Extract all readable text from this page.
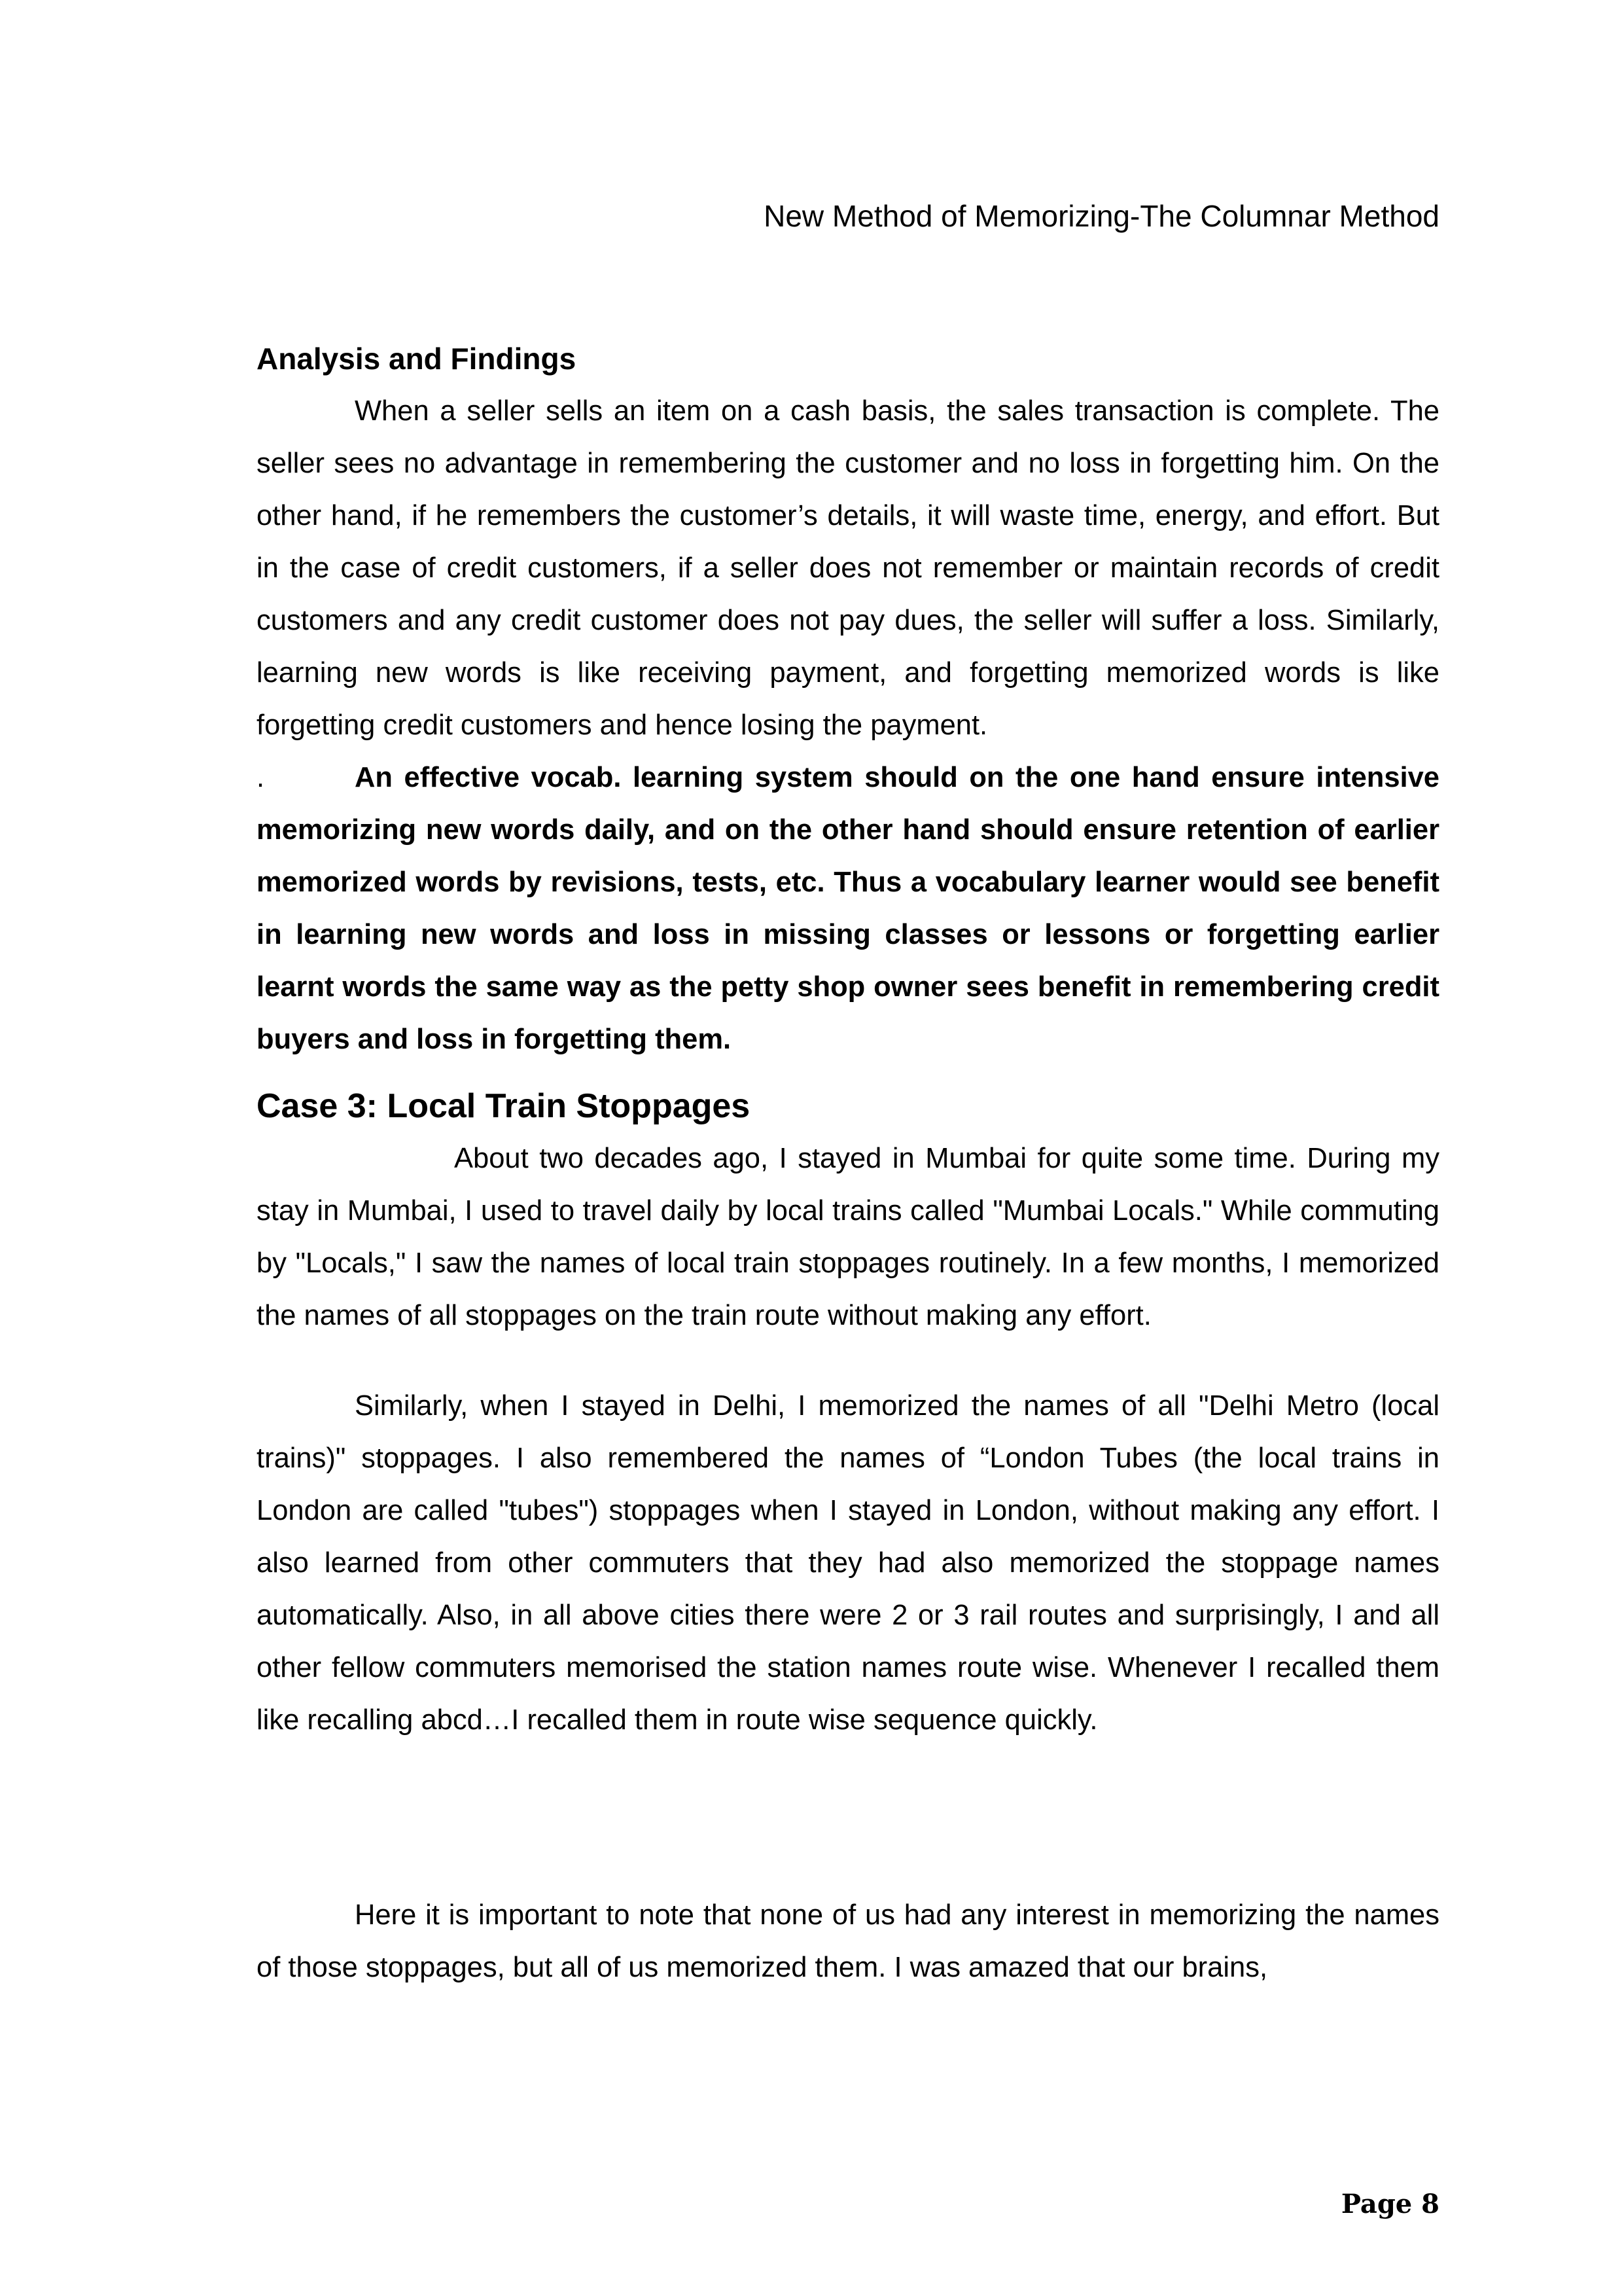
New Method of Memorizing-The Columnar Method
Analysis and Findings

When a seller sells an item on a cash basis, the sales transaction is complete. The seller sees no advantage in remembering the customer and no loss in forgetting him. On the other hand, if he remembers the customer’s details, it will waste time, energy, and effort. But in the case of credit customers, if a seller does not remember or maintain records of credit customers and any credit customer does not pay dues, the seller will suffer a loss. Similarly, learning new words is like receiving payment, and forgetting memorized words is like forgetting credit customers and hence losing the payment.

.	An effective vocab. learning system should on the one hand ensure intensive memorizing new words daily, and on the other hand should ensure retention of earlier memorized words by revisions, tests, etc. Thus a vocabulary learner would see benefit in learning new words and loss in missing classes or lessons or forgetting earlier learnt words the same way as the petty shop owner sees benefit in remembering credit buyers and loss in forgetting them.

Case 3: Local Train Stoppages

About two decades ago, I stayed in Mumbai for quite some time. During my stay in Mumbai, I used to travel daily by local trains called "Mumbai Locals." While commuting by "Locals," I saw the names of local train stoppages routinely. In a few months, I memorized the names of all stoppages on the train route without making any effort.

Similarly, when I stayed in Delhi, I memorized the names of all "Delhi Metro (local trains)" stoppages. I also remembered the names of “London Tubes (the local trains in London are called "tubes") stoppages when I stayed in London, without making any effort. I also learned from other commuters that they had also memorized the stoppage names automatically. Also, in all above cities there were 2 or 3 rail routes and surprisingly, I and all other fellow commuters memorised the station names route wise. Whenever I recalled them like recalling abcd…I recalled them in route wise sequence quickly.

Here it is important to note that none of us had any interest in memorizing the names of those stoppages, but all of us memorized them. I was amazed that our brains,

Page 8
